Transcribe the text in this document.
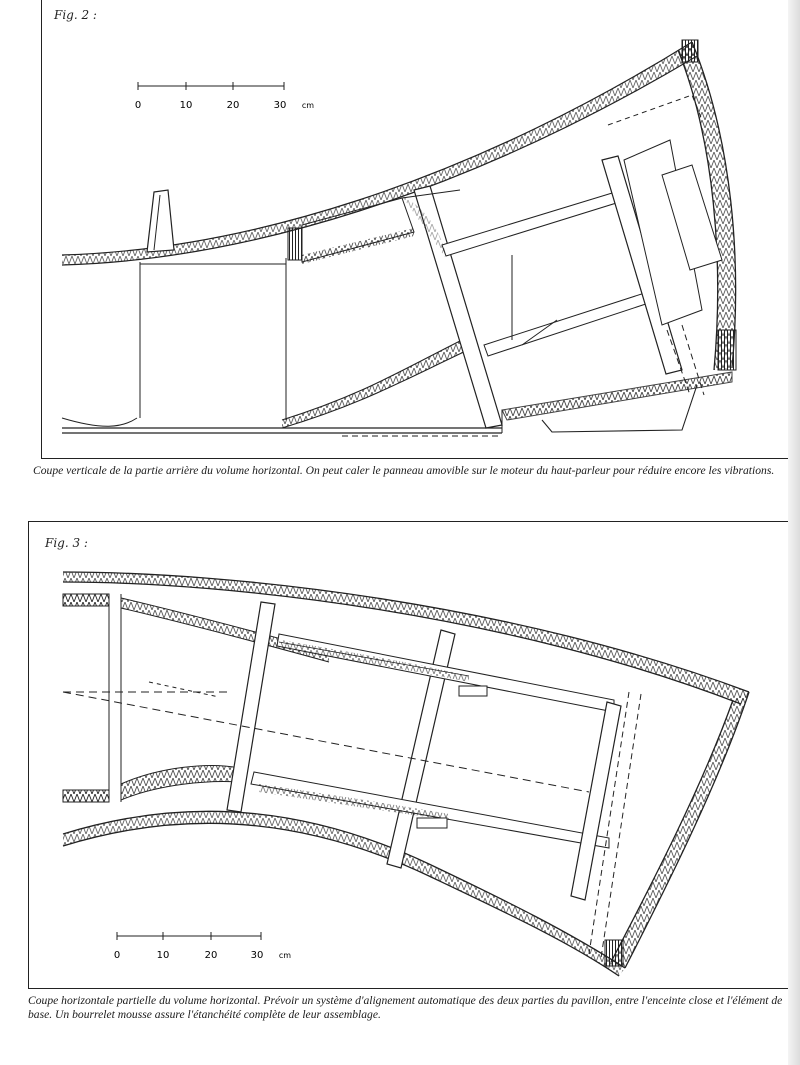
Fig. 2 :
0	10	20	30 cm
Coupe verticale de la partie arrière du volume horizontal. On peut caler le panneau amovible sur le moteur du haut-parleur pour réduire encore les vibrations.
Fig. 3 :
0	10	20	30 cm
Coupe horizontale partielle du volume horizontal. Prévoir un système d'alignement automatique des deux parties du pavillon, entre l'enceinte close et l'élément de base. Un bourrelet mousse assure l'étanchéité complète de leur assemblage.
